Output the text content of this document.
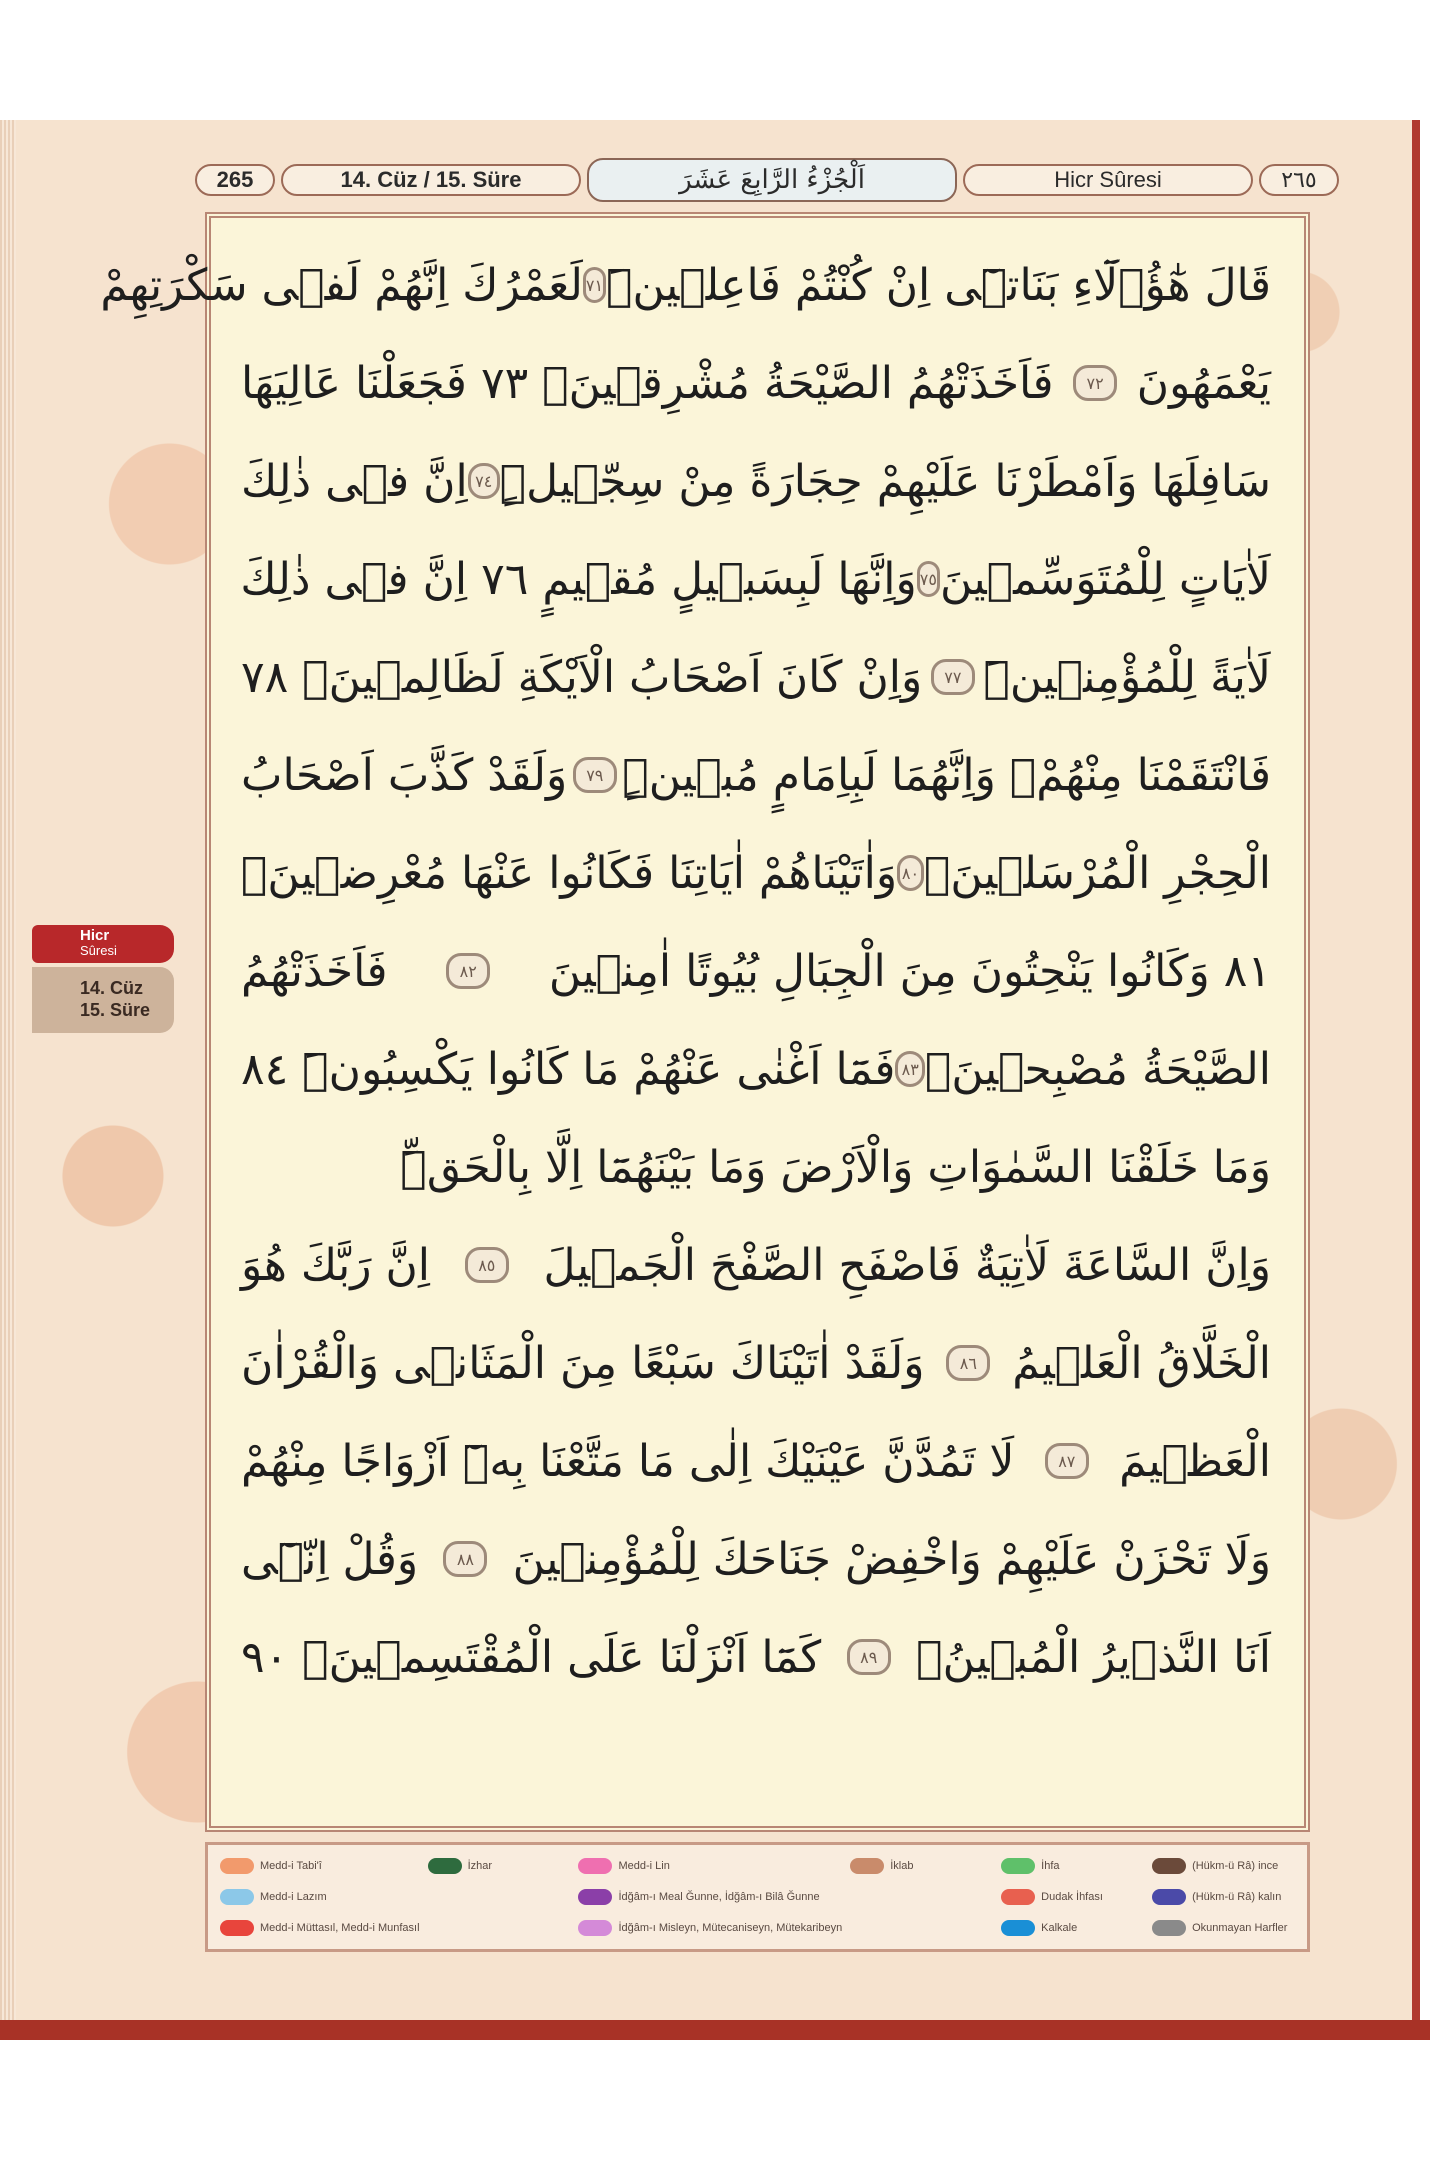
265	14. Cüz / 15. Süre	اَلْجُزْءُ الرَّابِعَ عَشَرَ	Hicr Sûresi	٢٦٥
قَالَ هٰٓؤُ۬لَٓاءِ بَنَاتٖٓى اِنْ كُنْتُمْ فَاعِلٖينَۜ
٧١
لَعَمْرُكَ اِنَّهُمْ لَفٖى سَكْرَتِهِمْ
يَعْمَهُونَ
٧٢
فَاَخَذَتْهُمُ الصَّيْحَةُ مُشْرِقٖينَۙ ٧٣ فَجَعَلْنَا عَالِيَهَا
سَافِلَهَا وَاَمْطَرْنَا عَلَيْهِمْ حِجَارَةً مِنْ سِجّٖيلٍۜ
٧٤
اِنَّ فٖى ذٰلِكَ
لَاٰيَاتٍ لِلْمُتَوَسِّمٖينَ
٧٥
وَاِنَّهَا لَبِسَبٖيلٍ مُقٖيمٍ ٧٦ اِنَّ فٖى ذٰلِكَ
لَاٰيَةً لِلْمُؤْمِنٖينَۜ
٧٧
وَاِنْ كَانَ اَصْحَابُ الْاَيْكَةِ لَظَالِمٖينَۙ ٧٨
فَانْتَقَمْنَا مِنْهُمْۢ وَاِنَّهُمَا لَبِاِمَامٍ مُبٖينٍۜ
٧٩
وَلَقَدْ كَذَّبَ اَصْحَابُ
الْحِجْرِ الْمُرْسَلٖينَۙ
٨٠
وَاٰتَيْنَاهُمْ اٰيَاتِنَا فَكَانُوا عَنْهَا مُعْرِضٖينَۙ
٨١ وَكَانُوا يَنْحِتُونَ مِنَ الْجِبَالِ بُيُوتًا اٰمِنٖينَ
٨٢
فَاَخَذَتْهُمُ
الصَّيْحَةُ مُصْبِحٖينَۙ
٨٣
فَمَٓا اَغْنٰى عَنْهُمْ مَا كَانُوا يَكْسِبُونَۜ ٨٤
وَمَا خَلَقْنَا السَّمٰوَاتِ وَالْاَرْضَ وَمَا بَيْنَهُمَٓا اِلَّا بِالْحَقِّۜ
وَاِنَّ السَّاعَةَ لَاٰتِيَةٌ فَاصْفَحِ الصَّفْحَ الْجَمٖيلَ
٨٥
اِنَّ رَبَّكَ هُوَ
الْخَلَّاقُ الْعَلٖيمُ
٨٦
وَلَقَدْ اٰتَيْنَاكَ سَبْعًا مِنَ الْمَثَانٖى وَالْقُرْاٰنَ
الْعَظٖيمَ
٨٧
لَا تَمُدَّنَّ عَيْنَيْكَ اِلٰى مَا مَتَّعْنَا بِهٖٓ اَزْوَاجًا مِنْهُمْ
وَلَا تَحْزَنْ عَلَيْهِمْ وَاخْفِضْ جَنَاحَكَ لِلْمُؤْمِنٖينَ
٨٨
وَقُلْ اِنّٖٓى
اَنَا النَّذٖيرُ الْمُبٖينُۚ
٨٩
كَمَٓا اَنْزَلْنَا عَلَى الْمُقْتَسِمٖينَۙ ٩٠
Hicr
Sûresi
14. Cüz
15. Süre
Medd-i Tabi'î
Medd-i Lazım
Medd-i Müttasıl, Medd-i Munfasıl
İzhar	Medd-i Lin
İdğâm-ı Meal Ğunne, İdğâm-ı Bilâ Ğunne
İdğâm-ı Misleyn, Mütecaniseyn, Mütekaribeyn
İklab	İhfa
Dudak İhfası
Kalkale
(Hükm-ü Râ) ince
(Hükm-ü Râ) kalın
Okunmayan Harfler
